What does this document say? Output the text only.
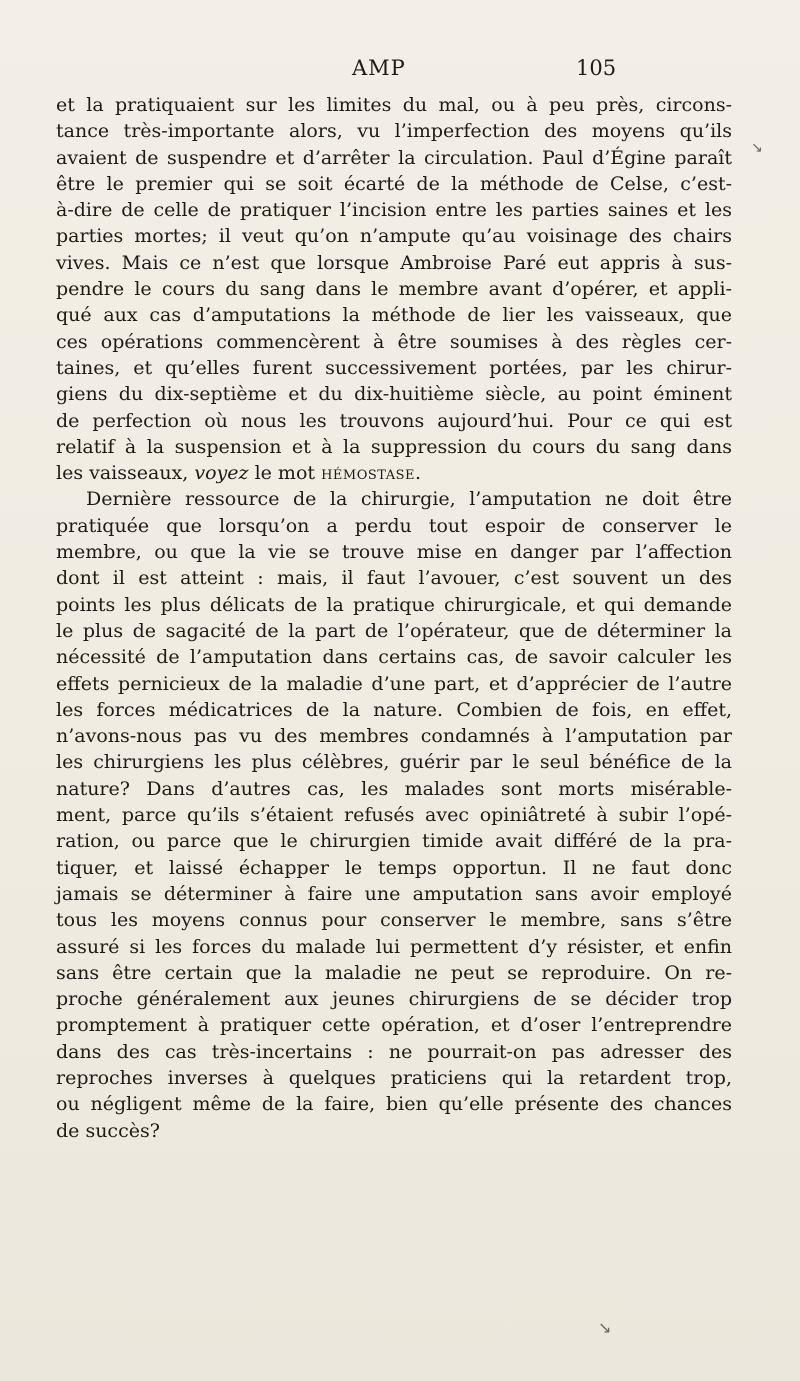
AMP	105
et la pratiquaient sur les limites du mal, ou à peu près, circons-
tance très-importante alors, vu l’imperfection des moyens qu’ils
avaient de suspendre et d’arrêter la circulation. Paul d’Égine paraît
être le premier qui se soit écarté de la méthode de Celse, c’est-
à-dire de celle de pratiquer l’incision entre les parties saines et les
parties mortes; il veut qu’on n’ampute qu’au voisinage des chairs
vives. Mais ce n’est que lorsque Ambroise Paré eut appris à sus-
pendre le cours du sang dans le membre avant d’opérer, et appli-
qué aux cas d’amputations la méthode de lier les vaisseaux, que
ces opérations commencèrent à être soumises à des règles cer-
taines, et qu’elles furent successivement portées, par les chirur-
giens du dix-septième et du dix-huitième siècle, au point éminent
de perfection où nous les trouvons aujourd’hui. Pour ce qui est
relatif à la suspension et à la suppression du cours du sang dans
les vaisseaux, voyez le mot hémostase.
Dernière ressource de la chirurgie, l’amputation ne doit être
pratiquée que lorsqu’on a perdu tout espoir de conserver le
membre, ou que la vie se trouve mise en danger par l’affection
dont il est atteint : mais, il faut l’avouer, c’est souvent un des
points les plus délicats de la pratique chirurgicale, et qui demande
le plus de sagacité de la part de l’opérateur, que de déterminer la
nécessité de l’amputation dans certains cas, de savoir calculer les
effets pernicieux de la maladie d’une part, et d’apprécier de l’autre
les forces médicatrices de la nature. Combien de fois, en effet,
n’avons-nous pas vu des membres condamnés à l’amputation par
les chirurgiens les plus célèbres, guérir par le seul bénéfice de la
nature? Dans d’autres cas, les malades sont morts misérable-
ment, parce qu’ils s’étaient refusés avec opiniâtreté à subir l’opé-
ration, ou parce que le chirurgien timide avait différé de la pra-
tiquer, et laissé échapper le temps opportun. Il ne faut donc
jamais se déterminer à faire une amputation sans avoir employé
tous les moyens connus pour conserver le membre, sans s’être
assuré si les forces du malade lui permettent d’y résister, et enfin
sans être certain que la maladie ne peut se reproduire. On re-
proche généralement aux jeunes chirurgiens de se décider trop
promptement à pratiquer cette opération, et d’oser l’entreprendre
dans des cas très-incertains : ne pourrait-on pas adresser des
reproches inverses à quelques praticiens qui la retardent trop,
ou négligent même de la faire, bien qu’elle présente des chances
de succès?
↘
↘
